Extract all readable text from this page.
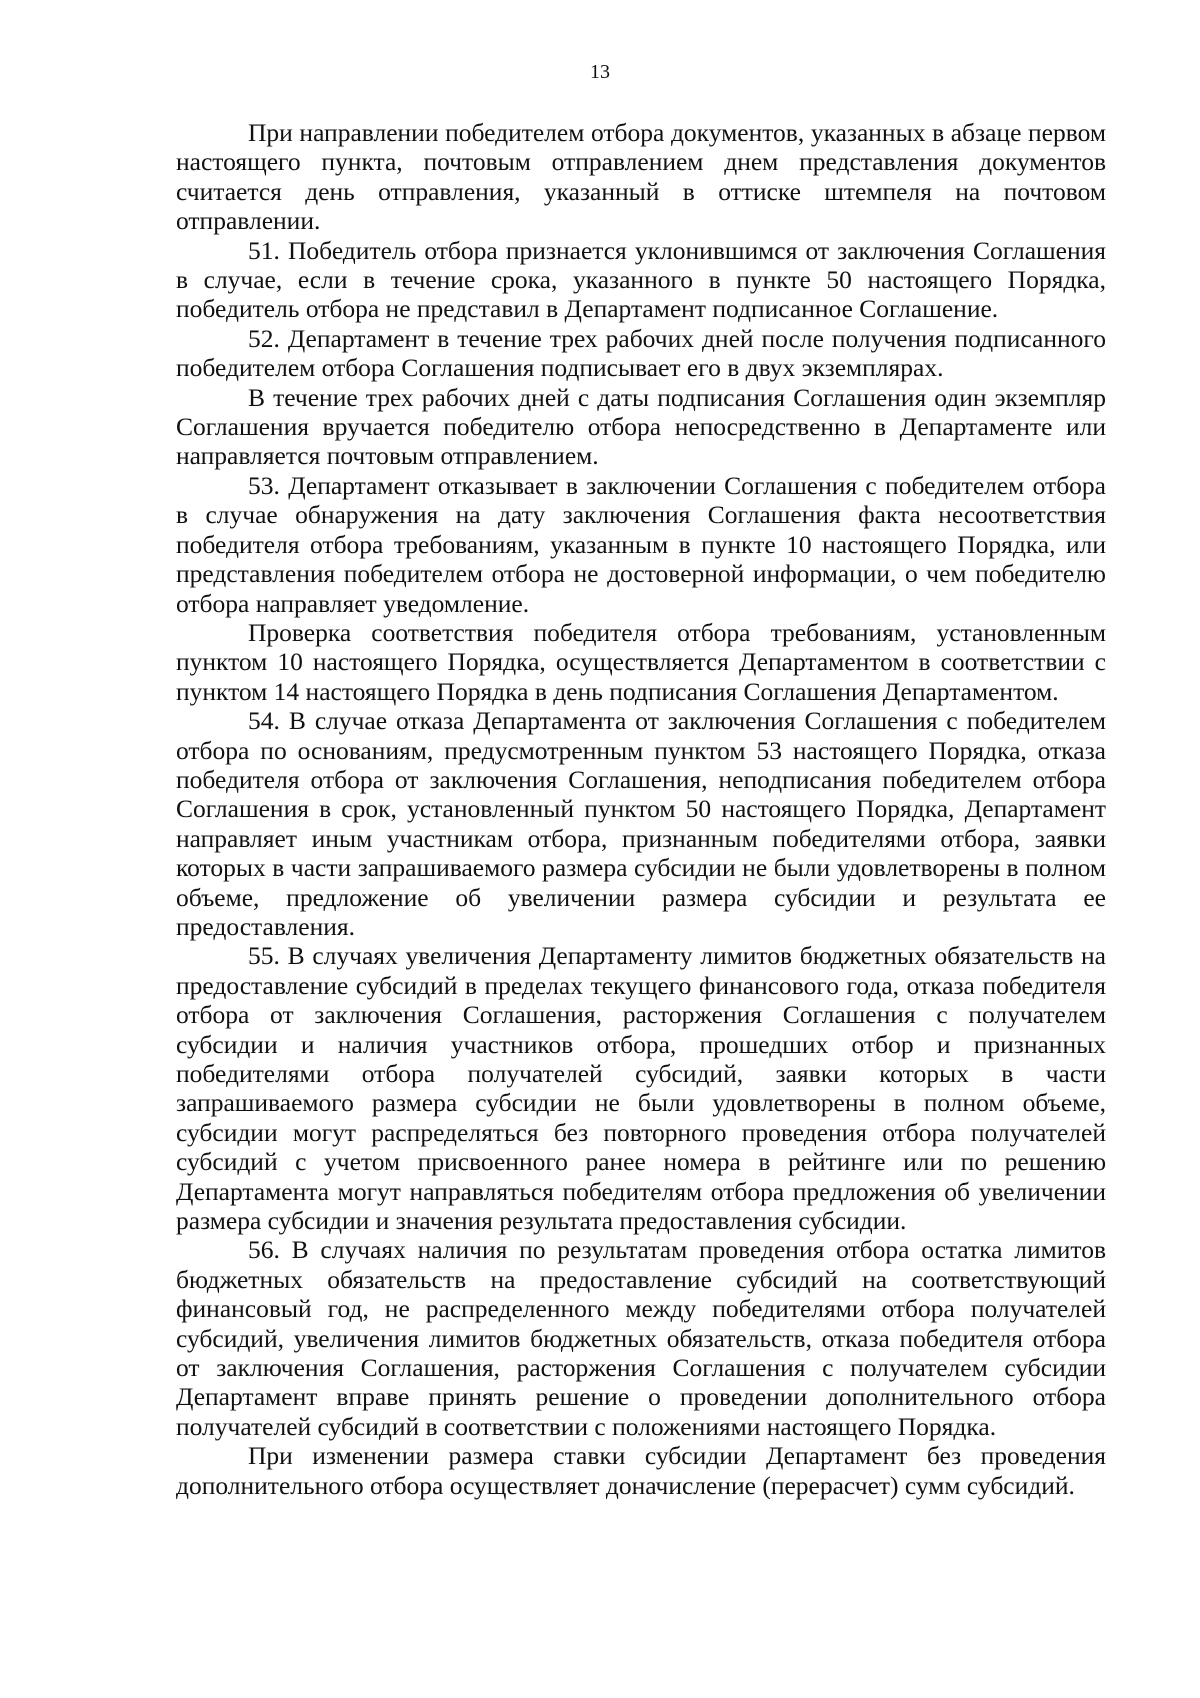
13

При направлении победителем отбора документов, указанных в абзаце первом настоящего пункта, почтовым отправлением днем представления документов считается день отправления, указанный в оттиске штемпеля на почтовом отправлении.

51. Победитель отбора признается уклонившимся от заключения Соглашения в случае, если в течение срока, указанного в пункте 50 настоящего Порядка, победитель отбора не представил в Департамент подписанное Соглашение.

52. Департамент в течение трех рабочих дней после получения подписанного победителем отбора Соглашения подписывает его в двух экземплярах.

В течение трех рабочих дней с даты подписания Соглашения один экземпляр Соглашения вручается победителю отбора непосредственно в Департаменте или направляется почтовым отправлением.

53. Департамент отказывает в заключении Соглашения с победителем отбора в случае обнаружения на дату заключения Соглашения факта несоответствия победителя отбора требованиям, указанным в пункте 10 настоящего Порядка, или представления победителем отбора не достоверной информации, о чем победителю отбора направляет уведомление.

Проверка соответствия победителя отбора требованиям, установленным пунктом 10 настоящего Порядка, осуществляется Департаментом в соответствии с пунктом 14 настоящего Порядка в день подписания Соглашения Департаментом.

54. В случае отказа Департамента от заключения Соглашения с победителем отбора по основаниям, предусмотренным пунктом 53 настоящего Порядка, отказа победителя отбора от заключения Соглашения, неподписания победителем отбора Соглашения в срок, установленный пунктом 50 настоящего Порядка, Департамент направляет иным участникам отбора, признанным победителями отбора, заявки которых в части запрашиваемого размера субсидии не были удовлетворены в полном объеме, предложение об увеличении размера субсидии и результата ее предоставления.

55. В случаях увеличения Департаменту лимитов бюджетных обязательств на предоставление субсидий в пределах текущего финансового года, отказа победителя отбора от заключения Соглашения, расторжения Соглашения с получателем субсидии и наличия участников отбора, прошедших отбор и признанных победителями отбора получателей субсидий, заявки которых в части запрашиваемого размера субсидии не были удовлетворены в полном объеме, субсидии могут распределяться без повторного проведения отбора получателей субсидий с учетом присвоенного ранее номера в рейтинге или по решению Департамента могут направляться победителям отбора предложения об увеличении размера субсидии и значения результата предоставления субсидии.

56. В случаях наличия по результатам проведения отбора остатка лимитов бюджетных обязательств на предоставление субсидий на соответствующий финансовый год, не распределенного между победителями отбора получателей субсидий, увеличения лимитов бюджетных обязательств, отказа победителя отбора от заключения Соглашения, расторжения Соглашения с получателем субсидии Департамент вправе принять решение о проведении дополнительного отбора получателей субсидий в соответствии с положениями настоящего Порядка.

При изменении размера ставки субсидии Департамент без проведения дополнительного отбора осуществляет доначисление (перерасчет) сумм субсидий.
